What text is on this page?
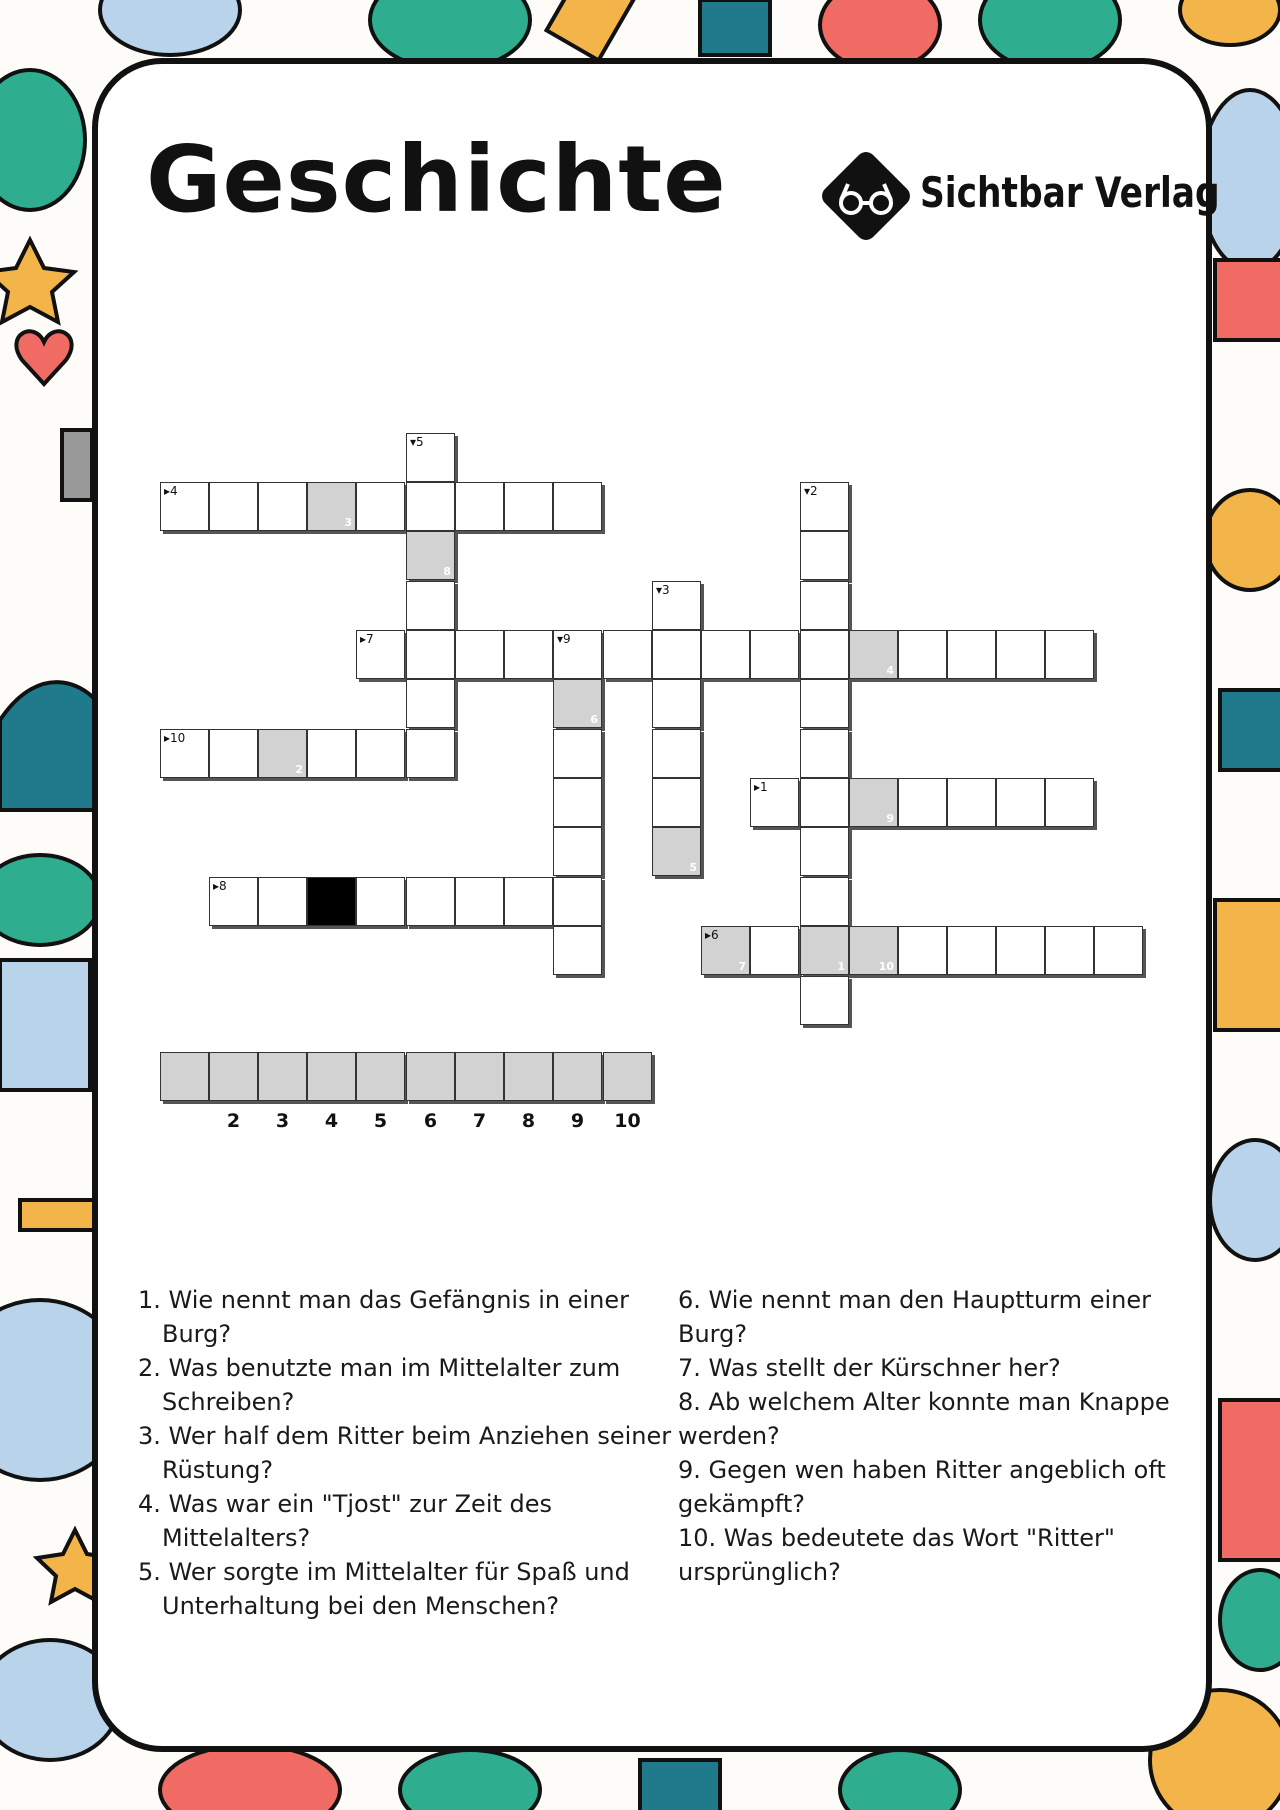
Geschichte	Sichtbar Verlag
▾5
▸4
3
▾2
8
▾3
▸7	▾9
4
6
▸10
2
▸1
9
5
▸8
▸6
7	1	10
2	3	4	5	6	7	8	9	10
1. Wie nennt man das Gefängnis in einer Burg?
2. Was benutzte man im Mittelalter zum Schreiben?
3. Wer half dem Ritter beim Anziehen seiner Rüstung?
4. Was war ein "Tjost" zur Zeit des Mittelalters?
5. Wer sorgte im Mittelalter für Spaß und Unterhaltung bei den Menschen?
6. Wie nennt man den Hauptturm einer Burg?
7. Was stellt der Kürschner her?
8. Ab welchem Alter konnte man Knappe werden?
9. Gegen wen haben Ritter angeblich oft gekämpft?
10. Was bedeutete das Wort "Ritter" ursprünglich?
